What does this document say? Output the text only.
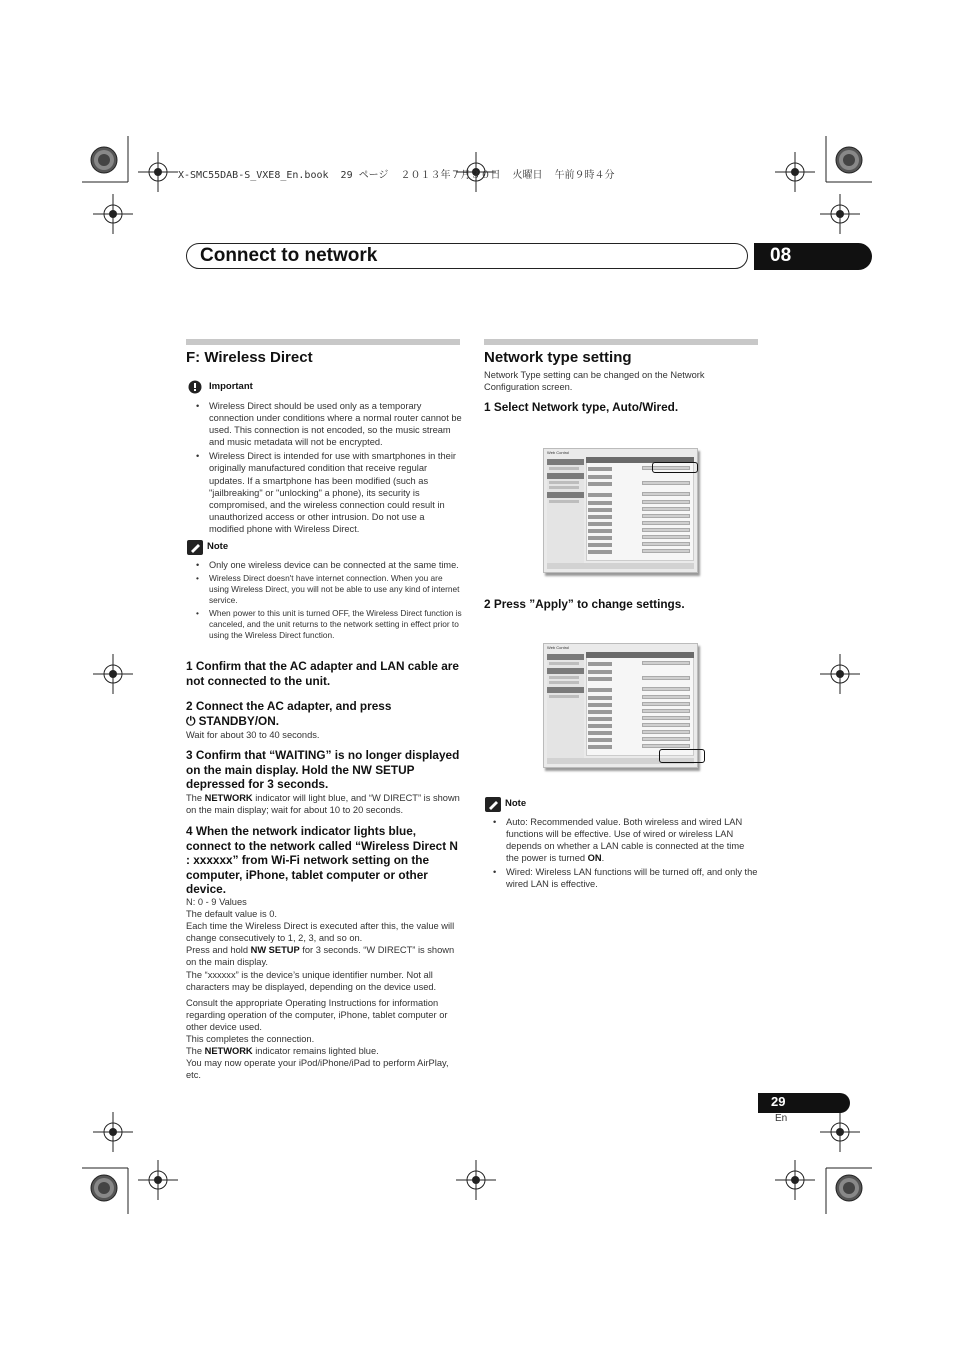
X-SMC55DAB-S_VXE8_En.book  29 ページ  ２０１３年７月３０日  火曜日  午前９時４分
Connect to network	08
F: Wireless Direct
Important
• Wireless Direct should be used only as a temporary connection under conditions where a normal router cannot be used. This connection is not encoded, so the music stream and music metadata will not be encrypted.
• Wireless Direct is intended for use with smartphones in their originally manufactured condition that receive regular updates. If a smartphone has been modified (such as "jailbreaking" or "unlocking" a phone), its security is compromised, and the wireless connection could result in unauthorized access or other intrusion. Do not use a modified phone with Wireless Direct.
Note
• Only one wireless device can be connected at the same time.
• Wireless Direct doesn't have internet connection. When you are using Wireless Direct, you will not be able to use any kind of internet service.
• When power to this unit is turned OFF, the Wireless Direct function is canceled, and the unit returns to the network setting in effect prior to using the Wireless Direct function.
1 Confirm that the AC adapter and LAN cable are not connected to the unit.
2 Connect the AC adapter, and press
⏻ STANDBY/ON.
Wait for about 30 to 40 seconds.
3 Confirm that “WAITING” is no longer displayed on the main display. Hold the NW SETUP depressed for 3 seconds.
The NETWORK indicator will light blue, and “W DIRECT” is shown on the main display; wait for about 10 to 20 seconds.
4 When the network indicator lights blue, connect to the network called “Wireless Direct N : xxxxxx” from Wi-Fi network setting on the computer, iPhone, tablet computer or other device.
N: 0 - 9 Values
The default value is 0.
Each time the Wireless Direct is executed after this, the value will change consecutively to 1, 2, 3, and so on.
Press and hold NW SETUP for 3 seconds. “W DIRECT” is shown on the main display.
The “xxxxxx” is the device’s unique identifier number. Not all characters may be displayed, depending on the device used.
Consult the appropriate Operating Instructions for information regarding operation of the computer, iPhone, tablet computer or other device used.
This completes the connection.
The NETWORK indicator remains lighted blue.
You may now operate your iPod/iPhone/iPad to perform AirPlay, etc.
Network type setting
Network Type setting can be changed on the Network Configuration screen.
1 Select Network type, Auto/Wired.
Web Control
2 Press ”Apply” to change settings.
Web Control
Note
• Auto: Recommended value. Both wireless and wired LAN functions will be effective. Use of wired or wireless LAN depends on whether a LAN cable is connected at the time the power is turned ON.
• Wired: Wireless LAN functions will be turned off, and only the wired LAN is effective.
29
En
